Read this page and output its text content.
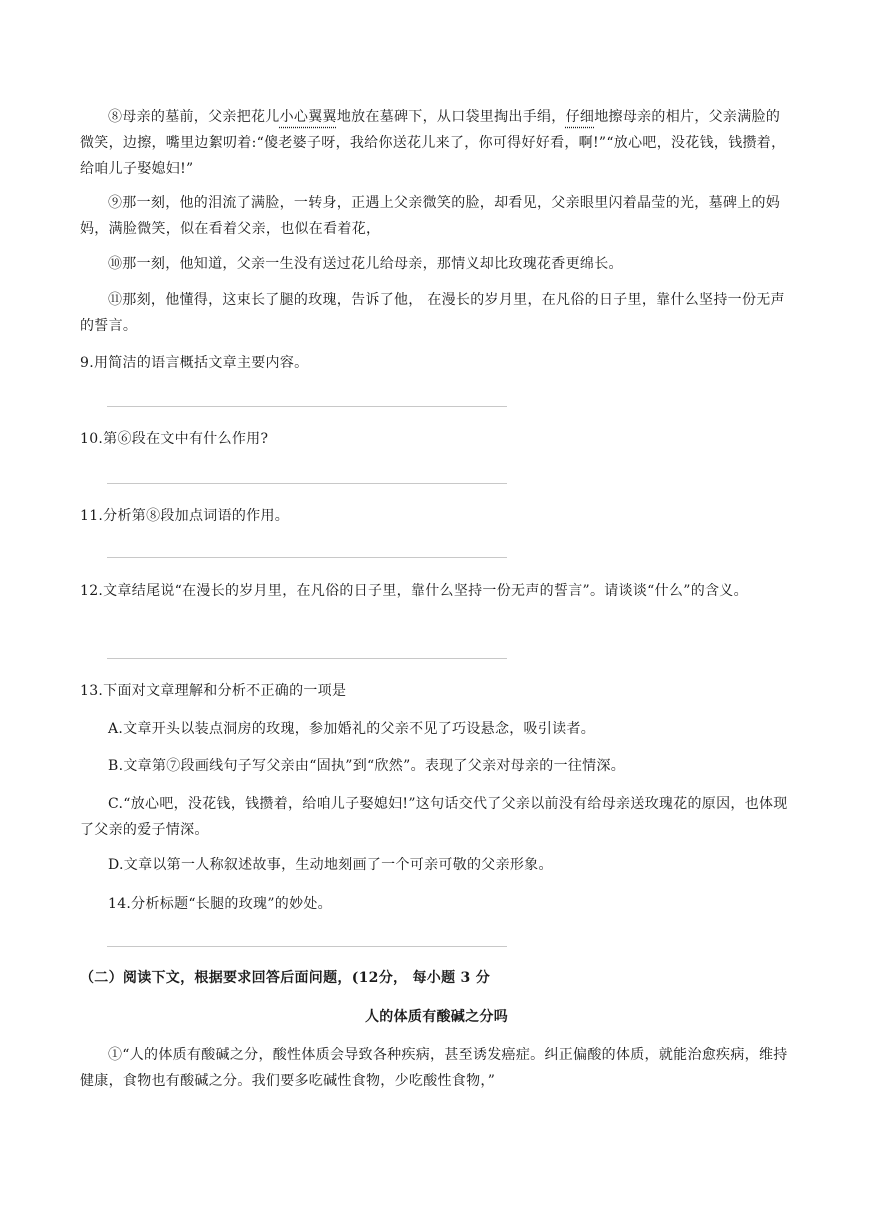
⑧母亲的墓前，父亲把花儿小心翼翼地放在墓碑下，从口袋里掏出手绢，仔细地擦母亲的相片，父亲满脸的微笑，边擦，嘴里边絮叨着:“傻老婆子呀，我给你送花儿来了，你可得好好看，啊!”“放心吧，没花钱，钱攒着，给咱儿子娶媳妇!”

⑨那一刻，他的泪流了满脸，一转身，正遇上父亲微笑的脸，却看见，父亲眼里闪着晶莹的光，墓碑上的妈妈，满脸微笑，似在看着父亲，也似在看着花，

⑩那一刻，他知道，父亲一生没有送过花儿给母亲，那情义却比玫瑰花香更绵长。

⑪那刻，他懂得，这束长了腿的玫瑰，告诉了他， 在漫长的岁月里，在凡俗的日子里，靠什么坚持一份无声的誓言。

9.用简洁的语言概括文章主要内容。

10.第⑥段在文中有什么作用?

11.分析第⑧段加点词语的作用。

12.文章结尾说“在漫长的岁月里，在凡俗的日子里，靠什么坚持一份无声的誓言”。请谈谈“什么”的含义。

13.下面对文章理解和分析不正确的一项是

A.文章开头以装点洞房的玫瑰，参加婚礼的父亲不见了巧设悬念，吸引读者。

B.文章第⑦段画线句子写父亲由“固执”到“欣然”。表现了父亲对母亲的一往情深。

C.“放心吧，没花钱，钱攒着，给咱儿子娶媳妇!”这句话交代了父亲以前没有给母亲送玫瑰花的原因，也体现了父亲的爱子情深。

D.文章以第一人称叙述故事，生动地刻画了一个可亲可敬的父亲形象。

14.分析标题“长腿的玫瑰”的妙处。

（二）阅读下文，根据要求回答后面问题，(12分， 每小题 3 分

人的体质有酸碱之分吗

①“人的体质有酸碱之分，酸性体质会导致各种疾病，甚至诱发癌症。纠正偏酸的体质，就能治愈疾病，维持健康，食物也有酸碱之分。我们要多吃碱性食物，少吃酸性食物，”
